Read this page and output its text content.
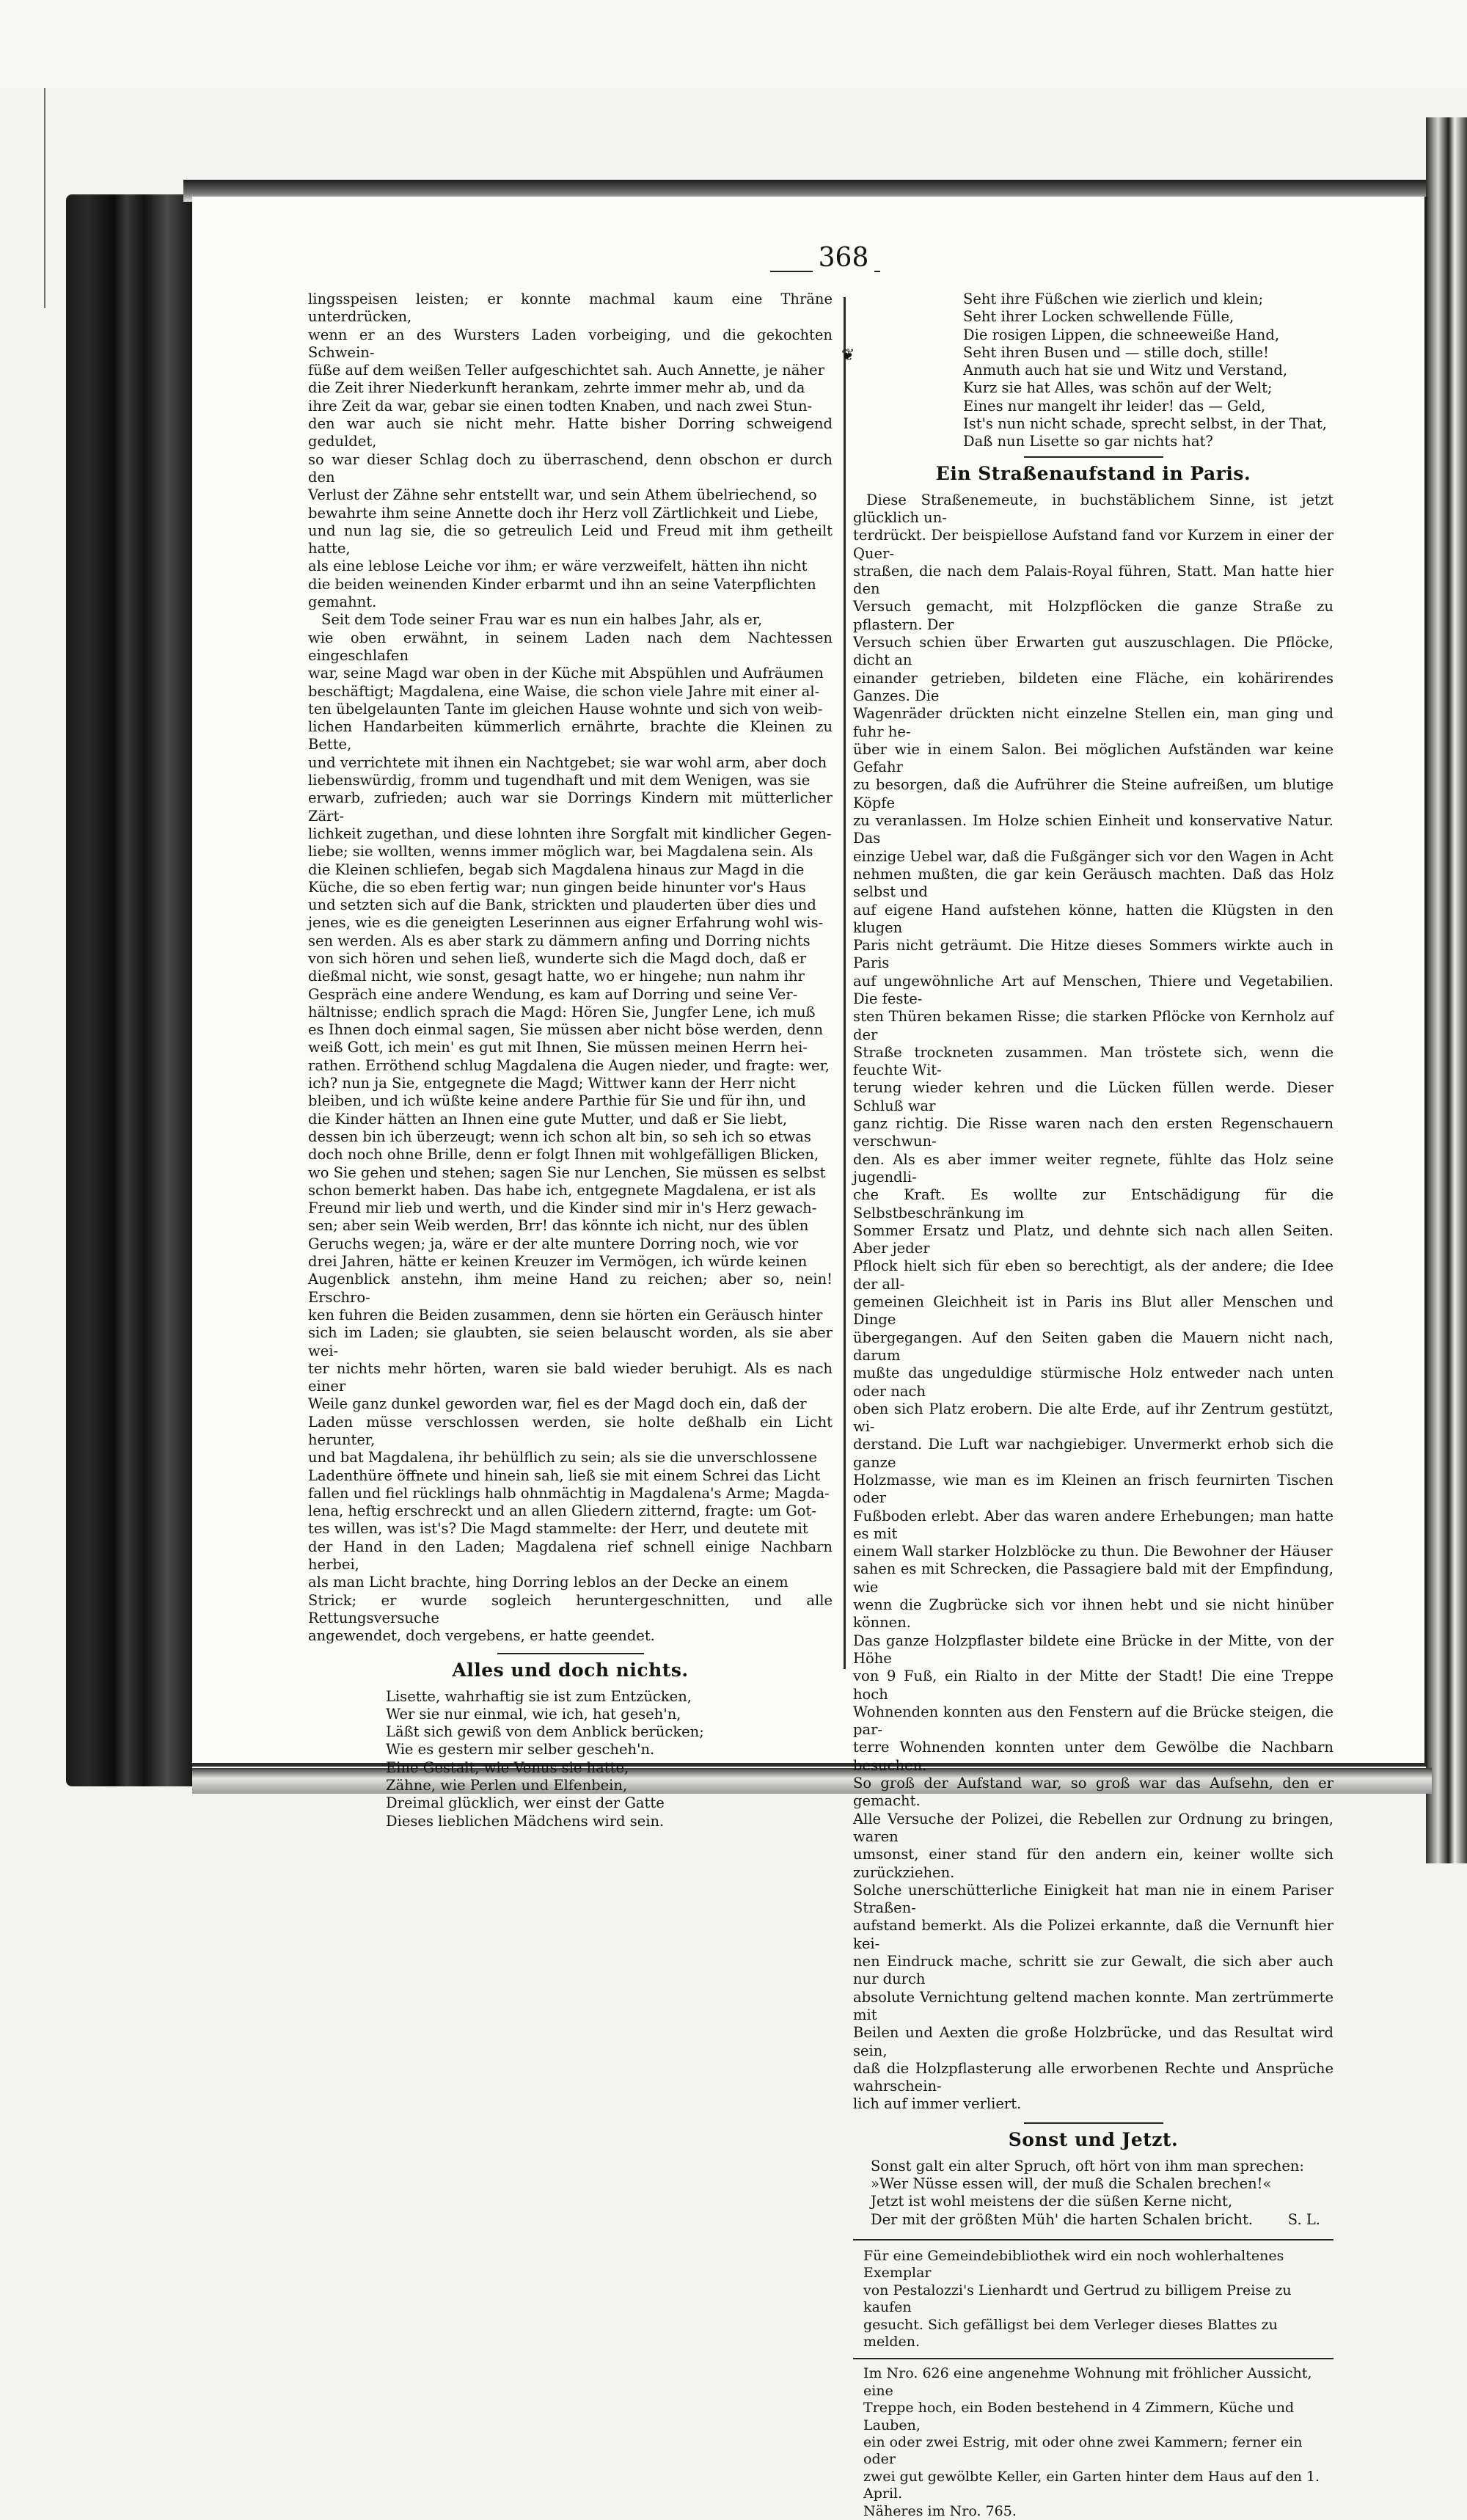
368
❦

lingsspeisen leisten; er konnte machmal kaum eine Thräne unterdrücken,
wenn er an des Wursters Laden vorbeiging, und die gekochten Schwein-
füße auf dem weißen Teller aufgeschichtet sah. Auch Annette, je näher
die Zeit ihrer Niederkunft herankam, zehrte immer mehr ab, und da
ihre Zeit da war, gebar sie einen todten Knaben, und nach zwei Stun-
den war auch sie nicht mehr. Hatte bisher Dorring schweigend geduldet,
so war dieser Schlag doch zu überraschend, denn obschon er durch den
Verlust der Zähne sehr entstellt war, und sein Athem übelriechend, so
bewahrte ihm seine Annette doch ihr Herz voll Zärtlichkeit und Liebe,
und nun lag sie, die so getreulich Leid und Freud mit ihm getheilt hatte,
als eine leblose Leiche vor ihm; er wäre verzweifelt, hätten ihn nicht
die beiden weinenden Kinder erbarmt und ihn an seine Vaterpflichten
gemahnt.

Seit dem Tode seiner Frau war es nun ein halbes Jahr, als er,
wie oben erwähnt, in seinem Laden nach dem Nachtessen eingeschlafen
war, seine Magd war oben in der Küche mit Abspühlen und Aufräumen
beschäftigt; Magdalena, eine Waise, die schon viele Jahre mit einer al-
ten übelgelaunten Tante im gleichen Hause wohnte und sich von weib-
lichen Handarbeiten kümmerlich ernährte, brachte die Kleinen zu Bette,
und verrichtete mit ihnen ein Nachtgebet; sie war wohl arm, aber doch
liebenswürdig, fromm und tugendhaft und mit dem Wenigen, was sie
erwarb, zufrieden; auch war sie Dorrings Kindern mit mütterlicher Zärt-
lichkeit zugethan, und diese lohnten ihre Sorgfalt mit kindlicher Gegen-
liebe; sie wollten, wenns immer möglich war, bei Magdalena sein. Als
die Kleinen schliefen, begab sich Magdalena hinaus zur Magd in die
Küche, die so eben fertig war; nun gingen beide hinunter vor's Haus
und setzten sich auf die Bank, strickten und plauderten über dies und
jenes, wie es die geneigten Leserinnen aus eigner Erfahrung wohl wis-
sen werden. Als es aber stark zu dämmern anfing und Dorring nichts
von sich hören und sehen ließ, wunderte sich die Magd doch, daß er
dießmal nicht, wie sonst, gesagt hatte, wo er hingehe; nun nahm ihr
Gespräch eine andere Wendung, es kam auf Dorring und seine Ver-
hältnisse; endlich sprach die Magd: Hören Sie, Jungfer Lene, ich muß
es Ihnen doch einmal sagen, Sie müssen aber nicht böse werden, denn
weiß Gott, ich mein' es gut mit Ihnen, Sie müssen meinen Herrn hei-
rathen. Erröthend schlug Magdalena die Augen nieder, und fragte: wer,
ich? nun ja Sie, entgegnete die Magd; Wittwer kann der Herr nicht
bleiben, und ich wüßte keine andere Parthie für Sie und für ihn, und
die Kinder hätten an Ihnen eine gute Mutter, und daß er Sie liebt,
dessen bin ich überzeugt; wenn ich schon alt bin, so seh ich so etwas
doch noch ohne Brille, denn er folgt Ihnen mit wohlgefälligen Blicken,
wo Sie gehen und stehen; sagen Sie nur Lenchen, Sie müssen es selbst
schon bemerkt haben. Das habe ich, entgegnete Magdalena, er ist als
Freund mir lieb und werth, und die Kinder sind mir in's Herz gewach-
sen; aber sein Weib werden, Brr! das könnte ich nicht, nur des üblen
Geruchs wegen; ja, wäre er der alte muntere Dorring noch, wie vor
drei Jahren, hätte er keinen Kreuzer im Vermögen, ich würde keinen
Augenblick anstehn, ihm meine Hand zu reichen; aber so, nein! Erschro-
ken fuhren die Beiden zusammen, denn sie hörten ein Geräusch hinter
sich im Laden; sie glaubten, sie seien belauscht worden, als sie aber wei-
ter nichts mehr hörten, waren sie bald wieder beruhigt. Als es nach einer
Weile ganz dunkel geworden war, fiel es der Magd doch ein, daß der
Laden müsse verschlossen werden, sie holte deßhalb ein Licht herunter,
und bat Magdalena, ihr behülflich zu sein; als sie die unverschlossene
Ladenthüre öffnete und hinein sah, ließ sie mit einem Schrei das Licht
fallen und fiel rücklings halb ohnmächtig in Magdalena's Arme; Magda-
lena, heftig erschreckt und an allen Gliedern zitternd, fragte: um Got-
tes willen, was ist's? Die Magd stammelte: der Herr, und deutete mit
der Hand in den Laden; Magdalena rief schnell einige Nachbarn herbei,
als man Licht brachte, hing Dorring leblos an der Decke an einem
Strick; er wurde sogleich heruntergeschnitten, und alle Rettungsversuche
angewendet, doch vergebens, er hatte geendet.

Alles und doch nichts.

Lisette, wahrhaftig sie ist zum Entzücken,
Wer sie nur einmal, wie ich, hat geseh'n,
Läßt sich gewiß von dem Anblick berücken;
Wie es gestern mir selber gescheh'n.
Eine Gestalt, wie Venus sie hatte,
Zähne, wie Perlen und Elfenbein,
Dreimal glücklich, wer einst der Gatte
Dieses lieblichen Mädchens wird sein.

Seht ihre Füßchen wie zierlich und klein;
Seht ihrer Locken schwellende Fülle,
Die rosigen Lippen, die schneeweiße Hand,
Seht ihren Busen und — stille doch, stille!
Anmuth auch hat sie und Witz und Verstand,
Kurz sie hat Alles, was schön auf der Welt;
Eines nur mangelt ihr leider! das — Geld,
Ist's nun nicht schade, sprecht selbst, in der That,
Daß nun Lisette so gar nichts hat?

Ein Straßenaufstand in Paris.

Diese Straßenemeute, in buchstäblichem Sinne, ist jetzt glücklich un-
terdrückt. Der beispiellose Aufstand fand vor Kurzem in einer der Quer-
straßen, die nach dem Palais-Royal führen, Statt. Man hatte hier den
Versuch gemacht, mit Holzpflöcken die ganze Straße zu pflastern. Der
Versuch schien über Erwarten gut auszuschlagen. Die Pflöcke, dicht an
einander getrieben, bildeten eine Fläche, ein kohärirendes Ganzes. Die
Wagenräder drückten nicht einzelne Stellen ein, man ging und fuhr he-
über wie in einem Salon. Bei möglichen Aufständen war keine Gefahr
zu besorgen, daß die Aufrührer die Steine aufreißen, um blutige Köpfe
zu veranlassen. Im Holze schien Einheit und konservative Natur. Das
einzige Uebel war, daß die Fußgänger sich vor den Wagen in Acht
nehmen mußten, die gar kein Geräusch machten. Daß das Holz selbst und
auf eigene Hand aufstehen könne, hatten die Klügsten in den klugen
Paris nicht geträumt. Die Hitze dieses Sommers wirkte auch in Paris
auf ungewöhnliche Art auf Menschen, Thiere und Vegetabilien. Die feste-
sten Thüren bekamen Risse; die starken Pflöcke von Kernholz auf der
Straße trockneten zusammen. Man tröstete sich, wenn die feuchte Wit-
terung wieder kehren und die Lücken füllen werde. Dieser Schluß war
ganz richtig. Die Risse waren nach den ersten Regenschauern verschwun-
den. Als es aber immer weiter regnete, fühlte das Holz seine jugendli-
che Kraft. Es wollte zur Entschädigung für die Selbstbeschränkung im
Sommer Ersatz und Platz, und dehnte sich nach allen Seiten. Aber jeder
Pflock hielt sich für eben so berechtigt, als der andere; die Idee der all-
gemeinen Gleichheit ist in Paris ins Blut aller Menschen und Dinge
übergegangen. Auf den Seiten gaben die Mauern nicht nach, darum
mußte das ungeduldige stürmische Holz entweder nach unten oder nach
oben sich Platz erobern. Die alte Erde, auf ihr Zentrum gestützt, wi-
derstand. Die Luft war nachgiebiger. Unvermerkt erhob sich die ganze
Holzmasse, wie man es im Kleinen an frisch feurnirten Tischen oder
Fußboden erlebt. Aber das waren andere Erhebungen; man hatte es mit
einem Wall starker Holzblöcke zu thun. Die Bewohner der Häuser
sahen es mit Schrecken, die Passagiere bald mit der Empfindung, wie
wenn die Zugbrücke sich vor ihnen hebt und sie nicht hinüber können.
Das ganze Holzpflaster bildete eine Brücke in der Mitte, von der Höhe
von 9 Fuß, ein Rialto in der Mitte der Stadt! Die eine Treppe hoch
Wohnenden konnten aus den Fenstern auf die Brücke steigen, die par-
terre Wohnenden konnten unter dem Gewölbe die Nachbarn besuchen.
So groß der Aufstand war, so groß war das Aufsehn, den er gemacht.
Alle Versuche der Polizei, die Rebellen zur Ordnung zu bringen, waren
umsonst, einer stand für den andern ein, keiner wollte sich zurückziehen.
Solche unerschütterliche Einigkeit hat man nie in einem Pariser Straßen-
aufstand bemerkt. Als die Polizei erkannte, daß die Vernunft hier kei-
nen Eindruck mache, schritt sie zur Gewalt, die sich aber auch nur durch
absolute Vernichtung geltend machen konnte. Man zertrümmerte mit
Beilen und Aexten die große Holzbrücke, und das Resultat wird sein,
daß die Holzpflasterung alle erworbenen Rechte und Ansprüche wahrschein-
lich auf immer verliert.

Sonst und Jetzt.

Sonst galt ein alter Spruch, oft hört von ihm man sprechen:
»Wer Nüsse essen will, der muß die Schalen brechen!«
Jetzt ist wohl meistens der die süßen Kerne nicht,

Der mit der größten Müh' die harten Schalen bricht. S. L.

Für eine Gemeindebibliothek wird ein noch wohlerhaltenes Exemplar
von Pestalozzi's Lienhardt und Gertrud zu billigem Preise zu kaufen
gesucht. Sich gefälligst bei dem Verleger dieses Blattes zu melden.

Im Nro. 626 eine angenehme Wohnung mit fröhlicher Aussicht, eine
Treppe hoch, ein Boden bestehend in 4 Zimmern, Küche und Lauben,
ein oder zwei Estrig, mit oder ohne zwei Kammern; ferner ein oder
zwei gut gewölbte Keller, ein Garten hinter dem Haus auf den 1. April.
Näheres im Nro. 765.
